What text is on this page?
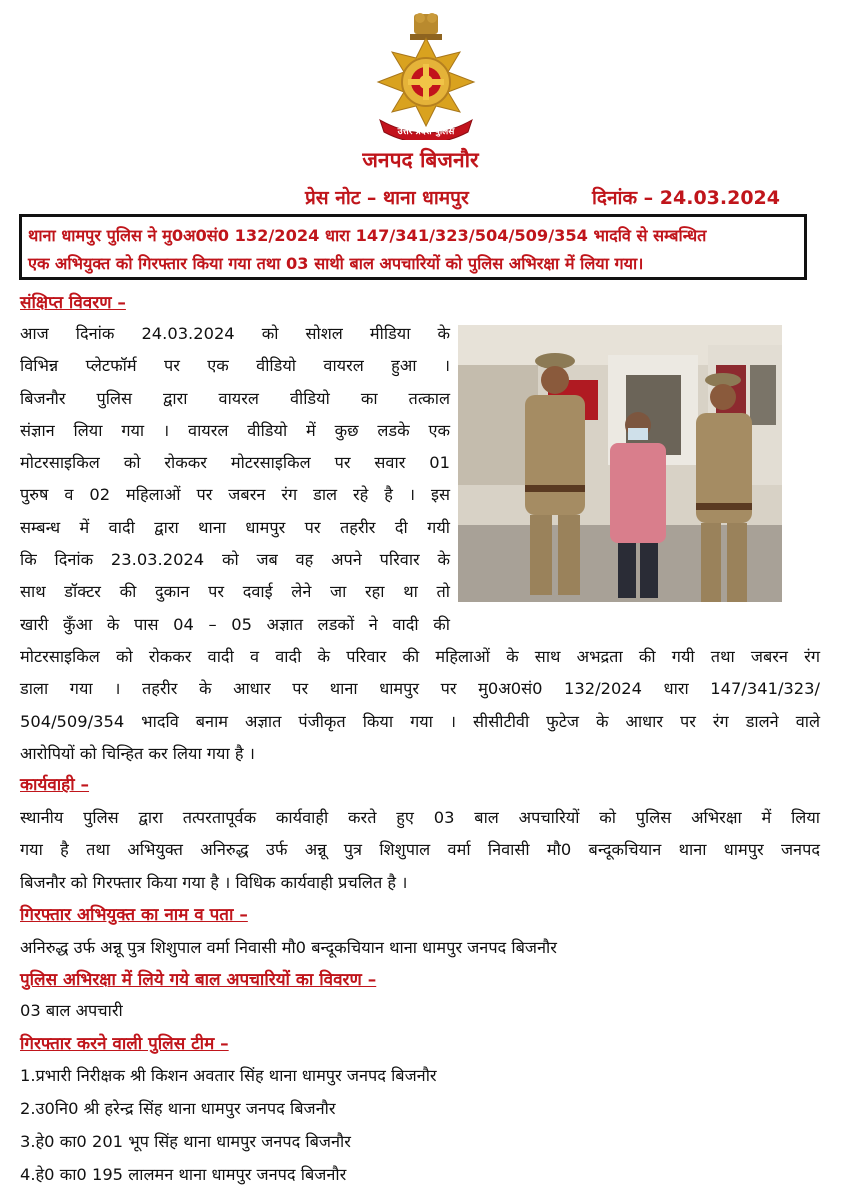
उत्तर प्रदेश पुलिस
जनपद बिजनौर
प्रेस नोट – थाना धामपुर	दिनांक – 24.03.2024
थाना धामपुर पुलिस ने मु0अ0सं0 132/2024 धारा 147/341/323/504/509/354 भादवि से सम्बन्धित
एक अभियुक्त को गिरफ्तार किया गया तथा 03 साथी बाल अपचारियों को पुलिस अभिरक्षा में लिया गया।
संक्षिप्त विवरण –
आज दिनांक 24.03.2024 को सोशल मीडिया के
विभिन्न प्लेटफॉर्म पर एक वीडियो वायरल हुआ ।
बिजनौर पुलिस द्वारा वायरल वीडियो का तत्काल
संज्ञान लिया गया । वायरल वीडियो में कुछ लडके एक
मोटरसाइकिल को रोककर मोटरसाइकिल पर सवार 01
पुरुष व 02 महिलाओं पर जबरन रंग डाल रहे है । इस
सम्बन्ध में वादी द्वारा थाना धामपुर पर तहरीर दी गयी
कि दिनांक 23.03.2024 को जब वह अपने परिवार के
साथ डॉक्टर की दुकान पर दवाई लेने जा रहा था तो
खारी कुँआ के पास 04 – 05 अज्ञात लडकों ने वादी की
मोटरसाइकिल को रोककर वादी व वादी के परिवार की महिलाओं के साथ अभद्रता की गयी तथा जबरन रंग
डाला गया । तहरीर के आधार पर थाना धामपुर पर मु0अ0सं0 132/2024 धारा 147/341/323/
504/509/354 भादवि बनाम अज्ञात पंजीकृत किया गया । सीसीटीवी फुटेज के आधार पर रंग डालने वाले
आरोपियों को चिन्हित कर लिया गया है ।
कार्यवाही –
स्थानीय पुलिस द्वारा तत्परतापूर्वक कार्यवाही करते हुए 03 बाल अपचारियों को पुलिस अभिरक्षा में लिया
गया है तथा अभियुक्त अनिरुद्ध उर्फ अन्नू पुत्र शिशुपाल वर्मा निवासी मौ0 बन्दूकचियान थाना धामपुर जनपद
बिजनौर को गिरफ्तार किया गया है । विधिक कार्यवाही प्रचलित है ।
गिरफ्तार अभियुक्त का नाम व पता –
अनिरुद्ध उर्फ अन्नू पुत्र शिशुपाल वर्मा निवासी मौ0 बन्दूकचियान थाना धामपुर जनपद बिजनौर
पुलिस अभिरक्षा में लिये गये बाल अपचारियों का विवरण –
03 बाल अपचारी
गिरफ्तार करने वाली पुलिस टीम –
1.प्रभारी निरीक्षक श्री किशन अवतार सिंह थाना धामपुर जनपद बिजनौर
2.उ0नि0 श्री हरेन्द्र सिंह थाना धामपुर जनपद बिजनौर
3.हे0 का0 201 भूप सिंह थाना धामपुर जनपद बिजनौर
4.हे0 का0 195 लालमन थाना धामपुर जनपद बिजनौर
